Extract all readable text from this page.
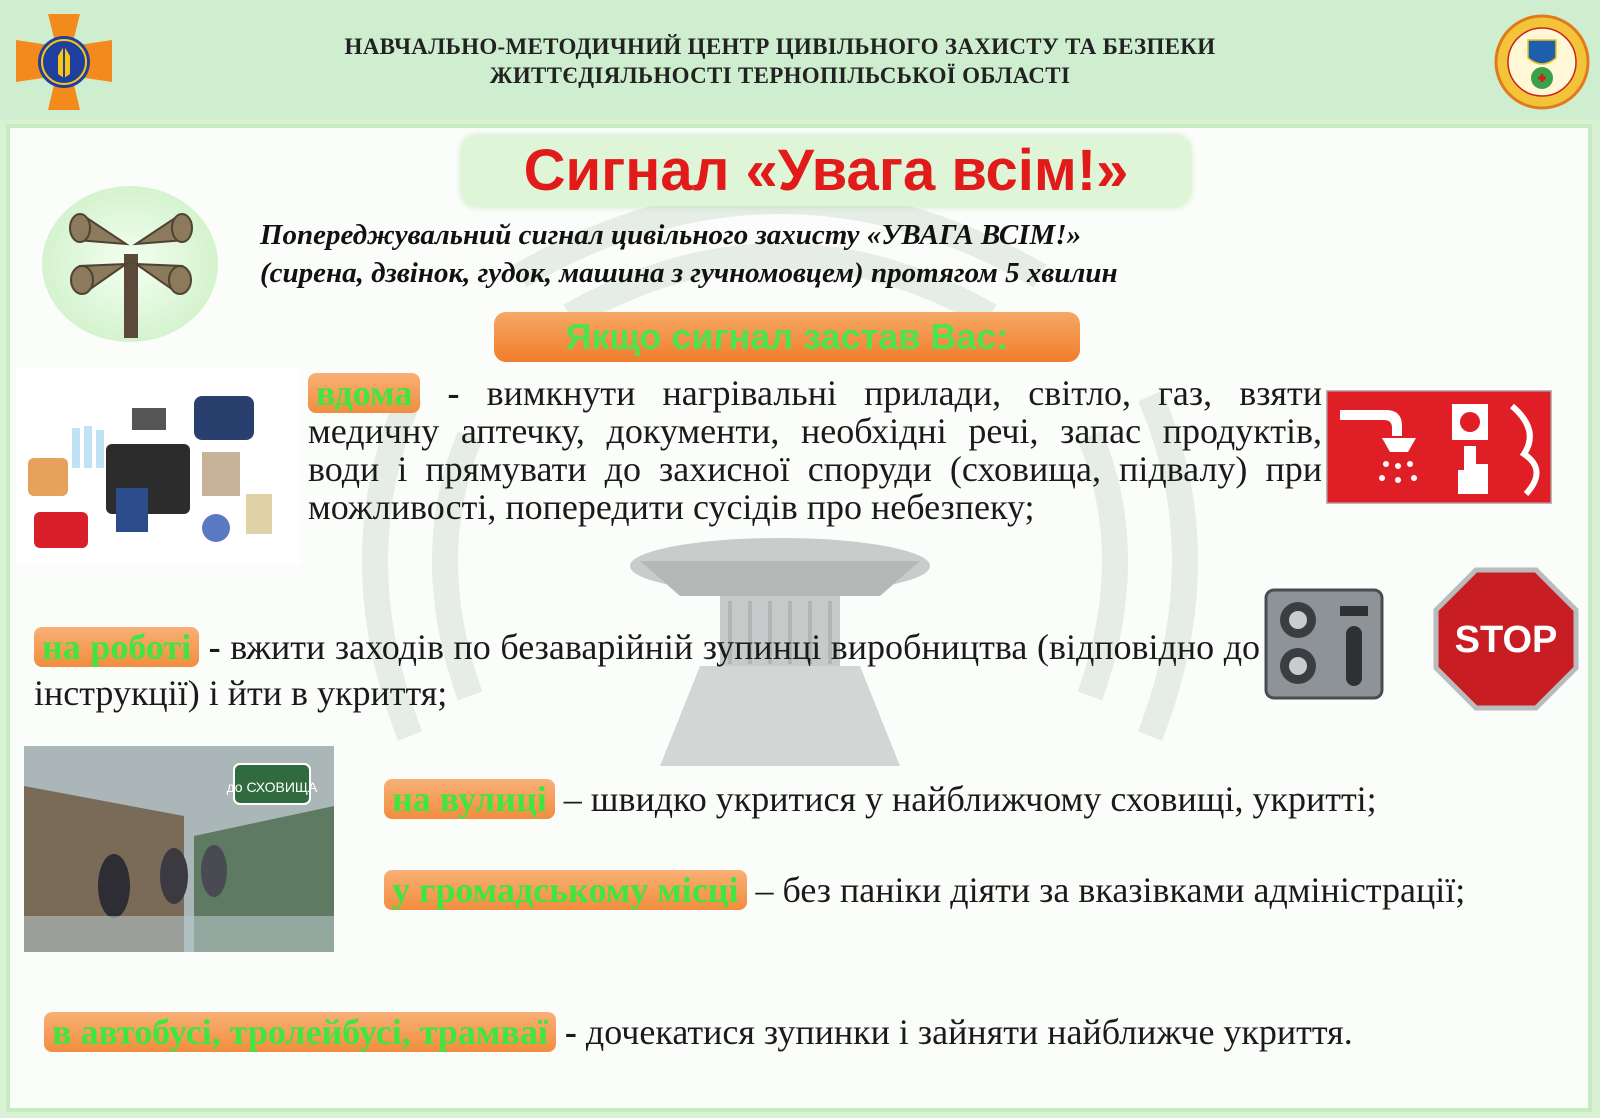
НАВЧАЛЬНО-МЕТОДИЧНИЙ ЦЕНТР ЦИВІЛЬНОГО ЗАХИСТУ ТА БЕЗПЕКИ
ЖИТТЄДІЯЛЬНОСТІ ТЕРНОПІЛЬСЬКОЇ ОБЛАСТІ
Сигнал «Увага всім!»
Попереджувальний сигнал цивільного захисту «УВАГА ВСІМ!»
(сирена, дзвінок, гудок, машина з гучномовцем) протягом 5 хвилин
Якщо сигнал застав Вас:
вдома - вимкнути нагрівальні прилади, світло, газ, взяти медичну аптечку, документи, необхідні речі, запас продуктів, води і прямувати до захисної споруди (сховища, підвалу) при можливості, попередити сусідів про небезпеку;
STOP
на роботі - вжити заходів по безаварійній зупинці виробництва (відповідно до інструкції) і йти в укриття;
до СХОВИЩА на вулиці – швидко укритися у найближчому сховищі, укритті;
у громадському місці – без паніки діяти за вказівками адміністрації;
в автобусі, тролейбусі, трамваї - дочекатися зупинки і зайняти найближче укриття.
